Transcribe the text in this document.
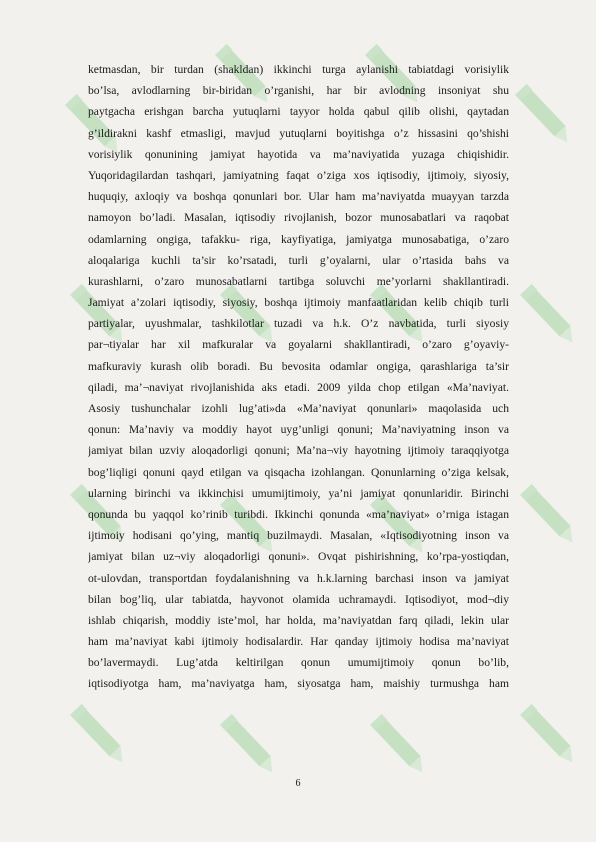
ketmasdan, bir turdan (shakldan) ikkinchi turga aylanishi tabiatdagi vorisiylik
bo’lsa, avlodlarning bir-biridan o’rganishi, har bir avlodning insoniyat shu
paytgacha erishgan barcha yutuqlarni tayyor holda qabul qilib olishi, qaytadan
g’ildirakni kashf etmasligi, mavjud yutuqlarni boyitishga o’z hissasini qo’shishi
vorisiylik qonunining jamiyat hayotida va ma’naviyatida yuzaga chiqishidir.
Yuqoridagilardan tashqari, jamiyatning faqat o’ziga xos iqtisodiy, ijtimoiy, siyosiy,
huquqiy, axloqiy va boshqa qonunlari bor. Ular ham ma’naviyatda muayyan tarzda
namoyon bo’ladi. Masalan, iqtisodiy rivojlanish, bozor munosabatlari va raqobat
odamlarning ongiga, tafakku- riga, kayfiyatiga, jamiyatga munosabatiga, o’zaro
aloqalariga kuchli ta’sir ko’rsatadi, turli g’oyalarni, ular o’rtasida bahs va
kurashlarni, o’zaro munosabatlarni tartibga soluvchi me’yorlarni shakllantiradi.
Jamiyat a’zolari iqtisodiy, siyosiy, boshqa ijtimoiy manfaatlaridan kelib chiqib turli
partiyalar, uyushmalar, tashkilotlar tuzadi va h.k. O’z navbatida, turli siyosiy
par¬tiyalar har xil mafkuralar va goyalarni shakllantiradi, o’zaro g’oyaviy-
mafkuraviy kurash olib boradi. Bu bevosita odamlar ongiga, qarashlariga ta’sir
qiladi, ma’¬naviyat rivojlanishida aks etadi. 2009 yilda chop etilgan «Ma’naviyat.
Asosiy tushunchalar izohli lug’ati»da «Ma’naviyat qonunlari» maqolasida uch
qonun: Ma’naviy va moddiy hayot uyg’unligi qonuni; Ma’naviyatning inson va
jamiyat bilan uzviy aloqadorligi qonuni; Ma’na¬viy hayotning ijtimoiy taraqqiyotga
bog’liqligi qonuni qayd etilgan va qisqacha izohlangan. Qonunlarning o’ziga kelsak,
ularning birinchi va ikkinchisi umumijtimoiy, ya’ni jamiyat qonunlaridir. Birinchi
qonunda bu yaqqol ko’rinib turibdi. Ikkinchi qonunda «ma’naviyat» o’rniga istagan
ijtimoiy hodisani qo’ying, mantiq buzilmaydi. Masalan, «Iqtisodiyotning inson va
jamiyat bilan uz¬viy aloqadorligi qonuni». Ovqat pishirishning, ko’rpa-yostiqdan,
ot-ulovdan, transportdan foydalanishning va h.k.larning barchasi inson va jamiyat
bilan bog’liq, ular tabiatda, hayvonot olamida uchramaydi. Iqtisodiyot, mod¬diy
ishlab chiqarish, moddiy iste’mol, har holda, ma’naviyatdan farq qiladi, lekin ular
ham ma’naviyat kabi ijtimoiy hodisalardir. Har qanday ijtimoiy hodisa ma’naviyat
bo’lavermaydi. Lug’atda keltirilgan qonun umumijtimoiy qonun bo’lib,
iqtisodiyotga ham, ma’naviyatga ham, siyosatga ham, maishiy turmushga ham
6
